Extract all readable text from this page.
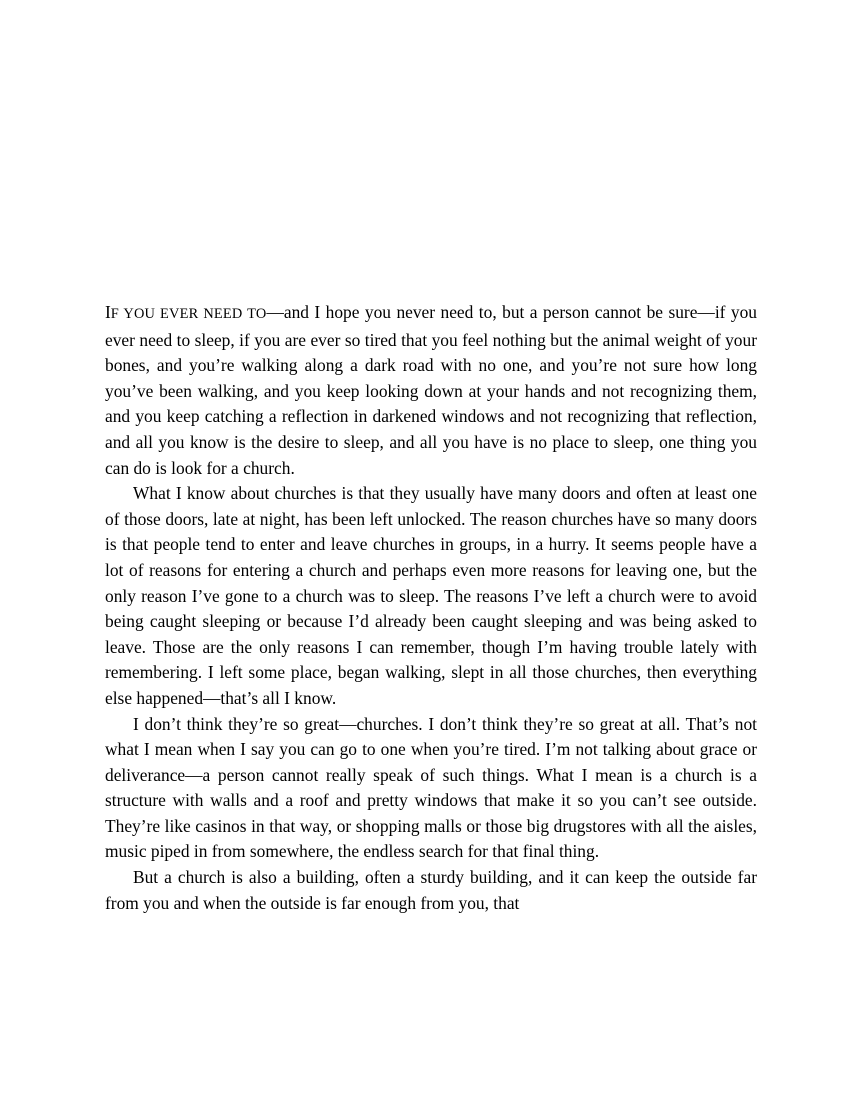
IF YOU EVER NEED TO—and I hope you never need to, but a person cannot be sure—if you ever need to sleep, if you are ever so tired that you feel nothing but the animal weight of your bones, and you’re walking along a dark road with no one, and you’re not sure how long you’ve been walking, and you keep looking down at your hands and not recognizing them, and you keep catching a reflection in darkened windows and not recognizing that reflection, and all you know is the desire to sleep, and all you have is no place to sleep, one thing you can do is look for a church.

What I know about churches is that they usually have many doors and often at least one of those doors, late at night, has been left unlocked. The reason churches have so many doors is that people tend to enter and leave churches in groups, in a hurry. It seems people have a lot of reasons for entering a church and perhaps even more reasons for leaving one, but the only reason I’ve gone to a church was to sleep. The reasons I’ve left a church were to avoid being caught sleeping or because I’d already been caught sleeping and was being asked to leave. Those are the only reasons I can remember, though I’m having trouble lately with remembering. I left some place, began walking, slept in all those churches, then everything else happened—that’s all I know.

I don’t think they’re so great—churches. I don’t think they’re so great at all. That’s not what I mean when I say you can go to one when you’re tired. I’m not talking about grace or deliverance—a person cannot really speak of such things. What I mean is a church is a structure with walls and a roof and pretty windows that make it so you can’t see outside. They’re like casinos in that way, or shopping malls or those big drugstores with all the aisles, music piped in from somewhere, the endless search for that final thing.

But a church is also a building, often a sturdy building, and it can keep the outside far from you and when the outside is far enough from you, that
